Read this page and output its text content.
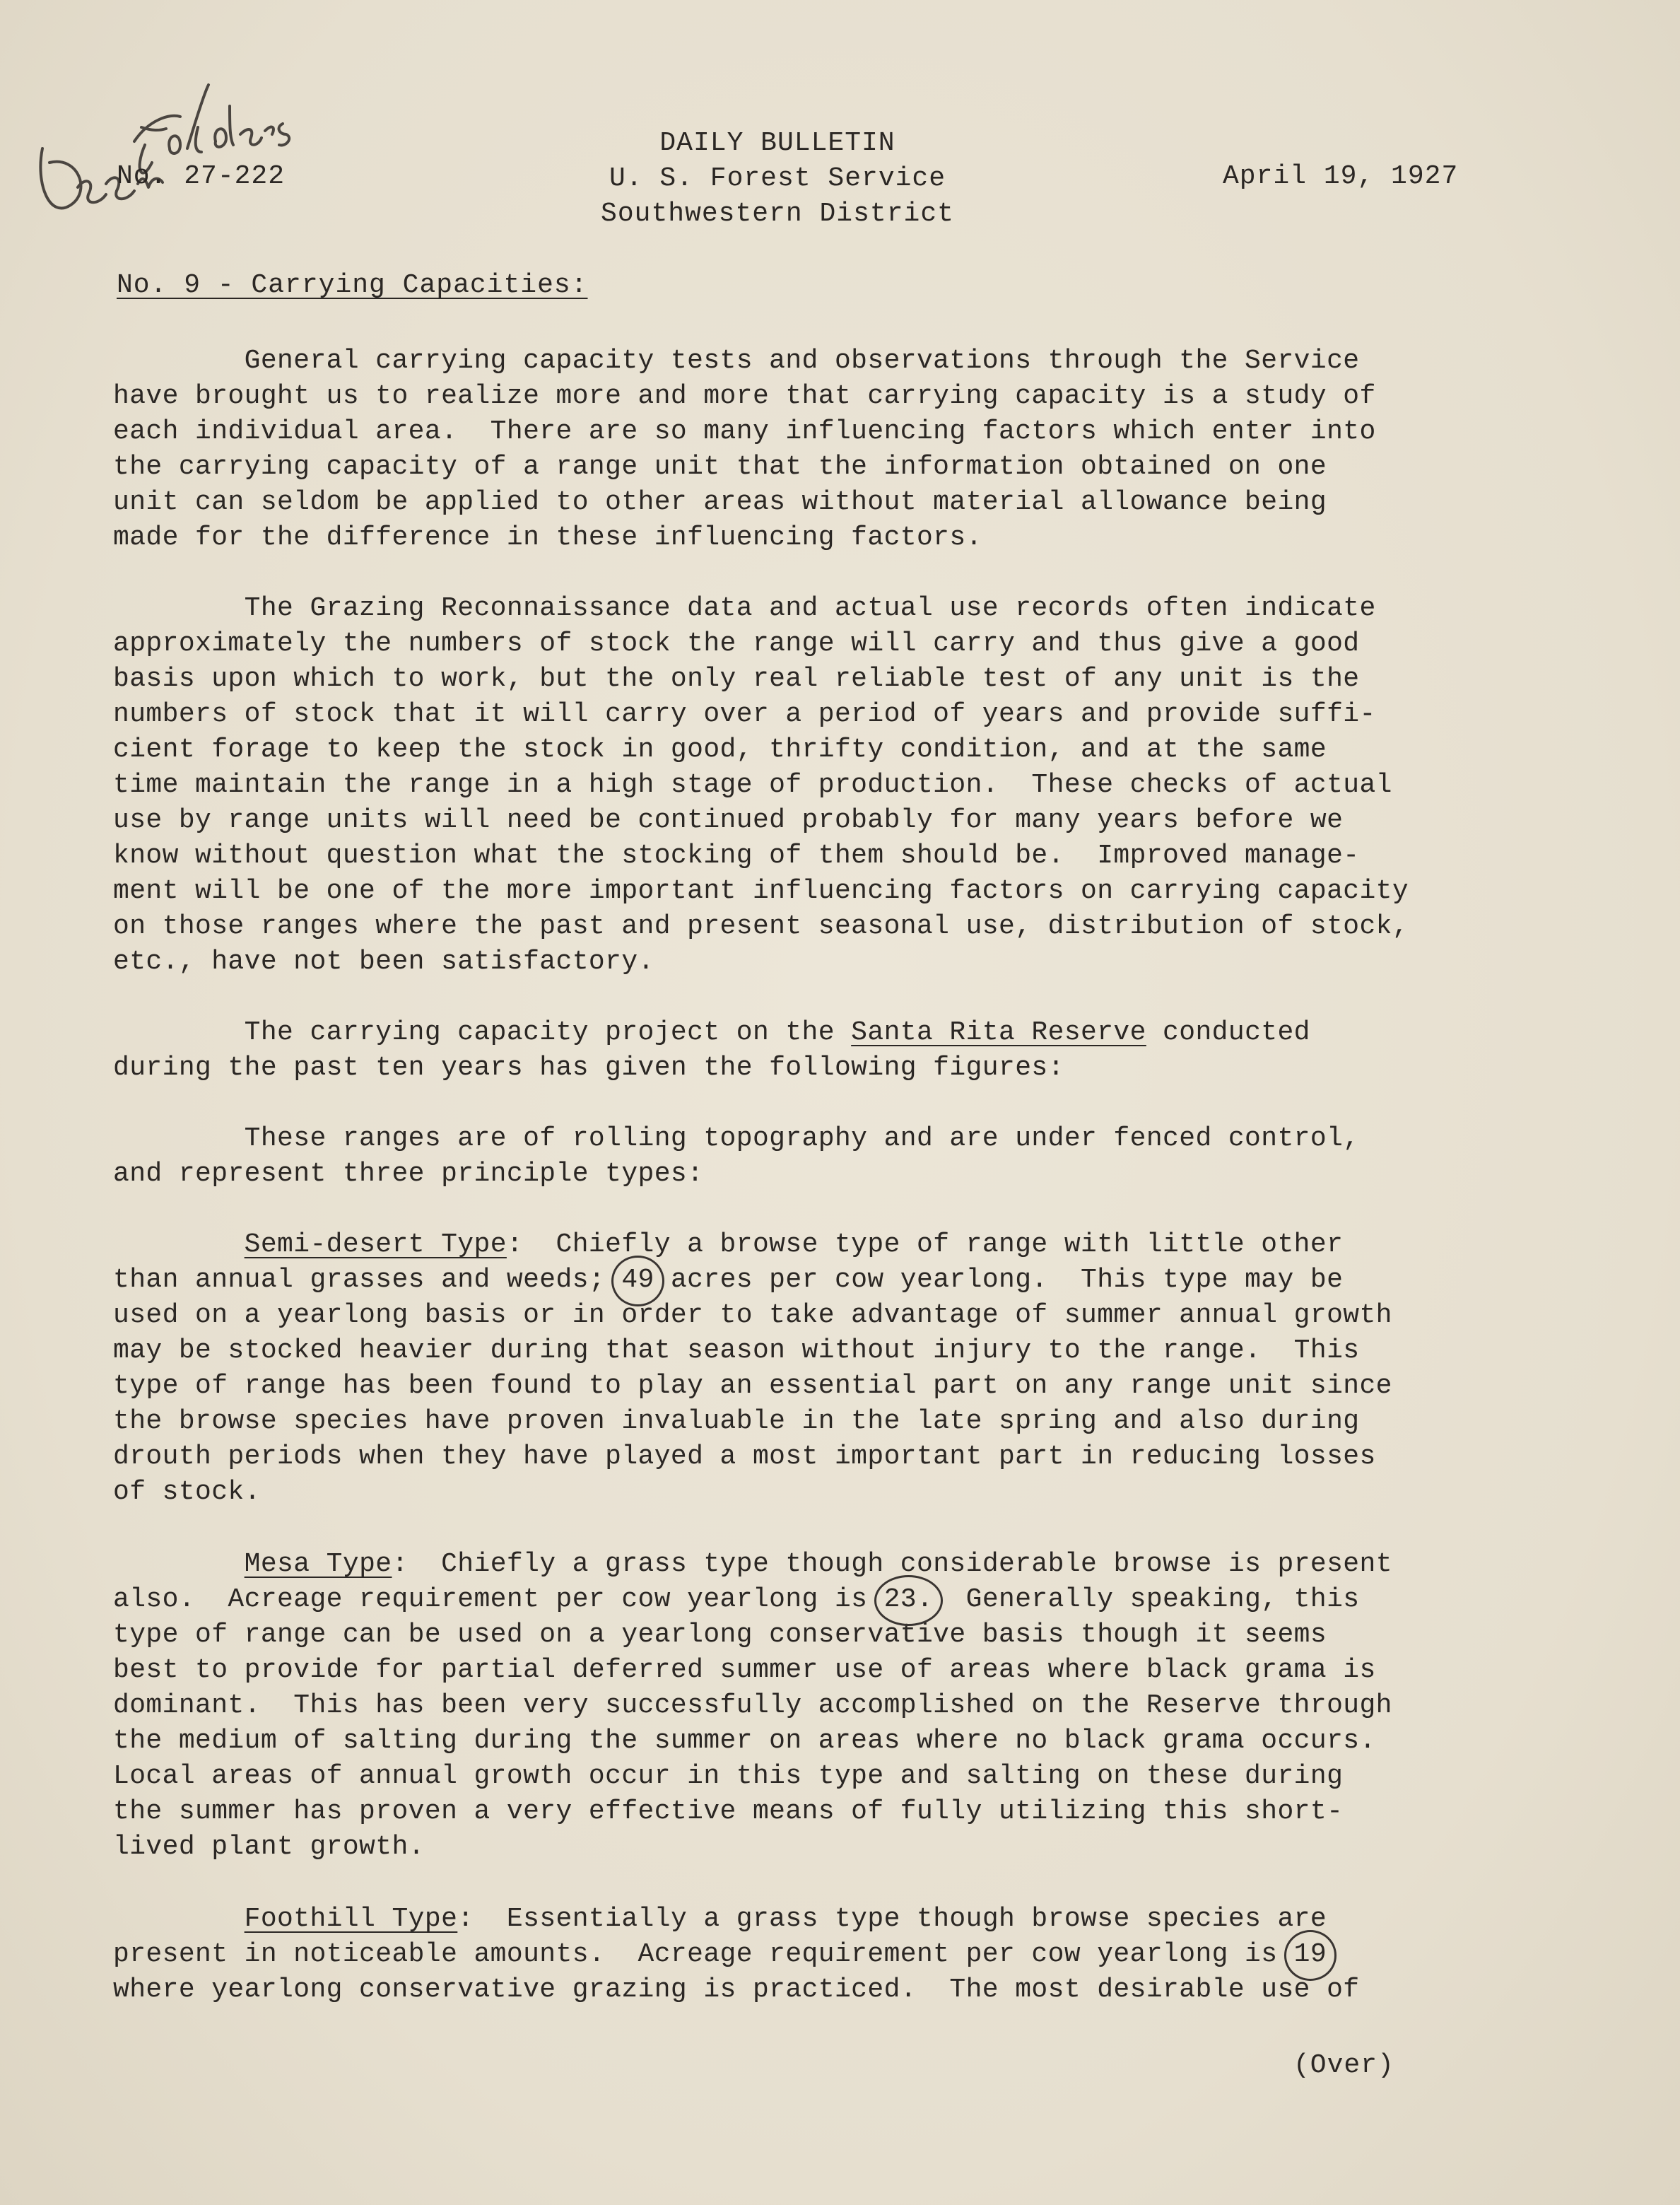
No. 27-222
DAILY BULLETIN
U. S. Forest Service
Southwestern District
April 19, 1927
No. 9 - Carrying Capacities:
General carrying capacity tests and observations through the Service
have brought us to realize more and more that carrying capacity is a study of
each individual area.  There are so many influencing factors which enter into
the carrying capacity of a range unit that the information obtained on one
unit can seldom be applied to other areas without material allowance being
made for the difference in these influencing factors.
The Grazing Reconnaissance data and actual use records often indicate
approximately the numbers of stock the range will carry and thus give a good
basis upon which to work, but the only real reliable test of any unit is the
numbers of stock that it will carry over a period of years and provide suffi-
cient forage to keep the stock in good, thrifty condition, and at the same
time maintain the range in a high stage of production.  These checks of actual
use by range units will need be continued probably for many years before we
know without question what the stocking of them should be.  Improved manage-
ment will be one of the more important influencing factors on carrying capacity
on those ranges where the past and present seasonal use, distribution of stock,
etc., have not been satisfactory.
The carrying capacity project on the Santa Rita Reserve conducted
during the past ten years has given the following figures:
These ranges are of rolling topography and are under fenced control,
and represent three principle types:
Semi-desert Type:  Chiefly a browse type of range with little other
than annual grasses and weeds; 49 acres per cow yearlong.  This type may be
used on a yearlong basis or in order to take advantage of summer annual growth
may be stocked heavier during that season without injury to the range.  This
type of range has been found to play an essential part on any range unit since
the browse species have proven invaluable in the late spring and also during
drouth periods when they have played a most important part in reducing losses
of stock.
Mesa Type:  Chiefly a grass type though considerable browse is present
also.  Acreage requirement per cow yearlong is 23.  Generally speaking, this
type of range can be used on a yearlong conservative basis though it seems
best to provide for partial deferred summer use of areas where black grama is
dominant.  This has been very successfully accomplished on the Reserve through
the medium of salting during the summer on areas where no black grama occurs.
Local areas of annual growth occur in this type and salting on these during
the summer has proven a very effective means of fully utilizing this short-
lived plant growth.
Foothill Type:  Essentially a grass type though browse species are
present in noticeable amounts.  Acreage requirement per cow yearlong is 19
where yearlong conservative grazing is practiced.  The most desirable use of
(Over)
